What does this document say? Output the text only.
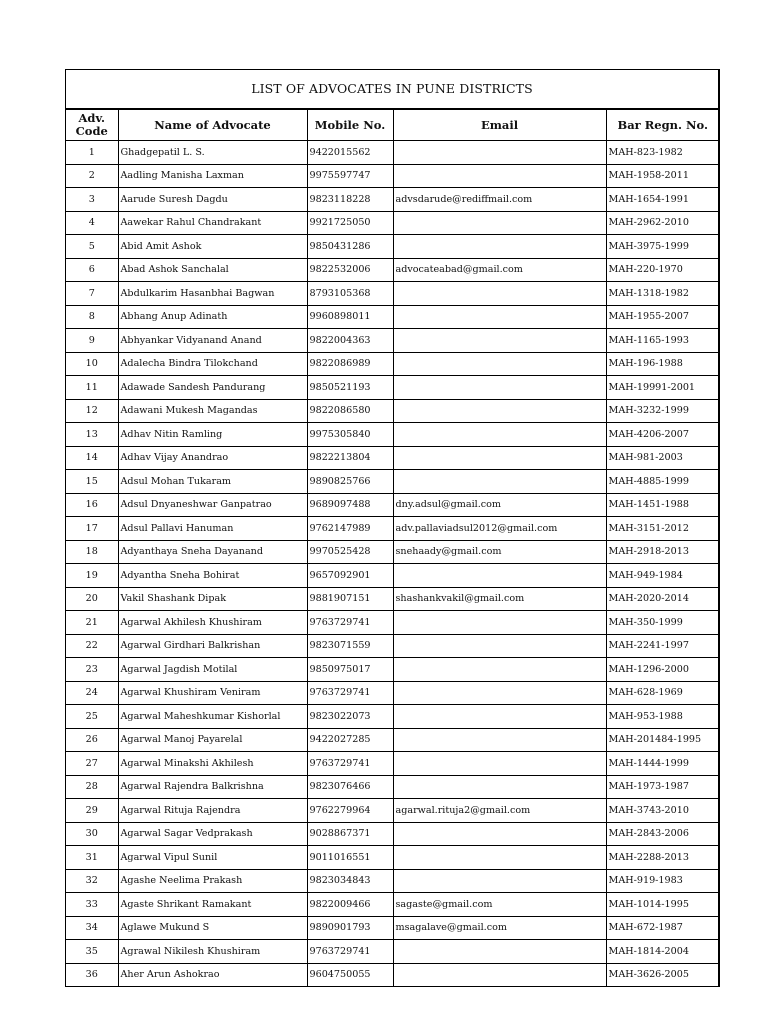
LIST OF ADVOCATES IN PUNE DISTRICTS
Adv. Code	Name of Advocate	Mobile No.	Email	Bar Regn. No.
1	Ghadgepatil L. S.	9422015562		MAH-823-1982
2	Aadling Manisha Laxman	9975597747		MAH-1958-2011
3	Aarude Suresh Dagdu	9823118228	advsdarude@rediffmail.com	MAH-1654-1991
4	Aawekar Rahul Chandrakant	9921725050		MAH-2962-2010
5	Abid Amit Ashok	9850431286		MAH-3975-1999
6	Abad Ashok Sanchalal	9822532006	advocateabad@gmail.com	MAH-220-1970
7	Abdulkarim Hasanbhai Bagwan	8793105368		MAH-1318-1982
8	Abhang Anup Adinath	9960898011		MAH-1955-2007
9	Abhyankar Vidyanand Anand	9822004363		MAH-1165-1993
10	Adalecha Bindra Tilokchand	9822086989		MAH-196-1988
11	Adawade Sandesh Pandurang	9850521193		MAH-19991-2001
12	Adawani Mukesh Magandas	9822086580		MAH-3232-1999
13	Adhav Nitin Ramling	9975305840		MAH-4206-2007
14	Adhav Vijay Anandrao	9822213804		MAH-981-2003
15	Adsul Mohan Tukaram	9890825766		MAH-4885-1999
16	Adsul Dnyaneshwar Ganpatrao	9689097488	dny.adsul@gmail.com	MAH-1451-1988
17	Adsul Pallavi Hanuman	9762147989	adv.pallaviadsul2012@gmail.com	MAH-3151-2012
18	Adyanthaya Sneha Dayanand	9970525428	snehaady@gmail.com	MAH-2918-2013
19	Adyantha Sneha Bohirat	9657092901		MAH-949-1984
20	Vakil Shashank Dipak	9881907151	shashankvakil@gmail.com	MAH-2020-2014
21	Agarwal Akhilesh Khushiram	9763729741		MAH-350-1999
22	Agarwal Girdhari Balkrishan	9823071559		MAH-2241-1997
23	Agarwal Jagdish Motilal	9850975017		MAH-1296-2000
24	Agarwal Khushiram Veniram	9763729741		MAH-628-1969
25	Agarwal Maheshkumar Kishorlal	9823022073		MAH-953-1988
26	Agarwal Manoj Payarelal	9422027285		MAH-201484-1995
27	Agarwal Minakshi Akhilesh	9763729741		MAH-1444-1999
28	Agarwal Rajendra Balkrishna	9823076466		MAH-1973-1987
29	Agarwal Rituja Rajendra	9762279964	agarwal.rituja2@gmail.com	MAH-3743-2010
30	Agarwal Sagar Vedprakash	9028867371		MAH-2843-2006
31	Agarwal Vipul Sunil	9011016551		MAH-2288-2013
32	Agashe Neelima Prakash	9823034843		MAH-919-1983
33	Agaste Shrikant Ramakant	9822009466	sagaste@gmail.com	MAH-1014-1995
34	Aglawe Mukund S	9890901793	msagalave@gmail.com	MAH-672-1987
35	Agrawal Nikilesh Khushiram	9763729741		MAH-1814-2004
36	Aher Arun Ashokrao	9604750055		MAH-3626-2005
